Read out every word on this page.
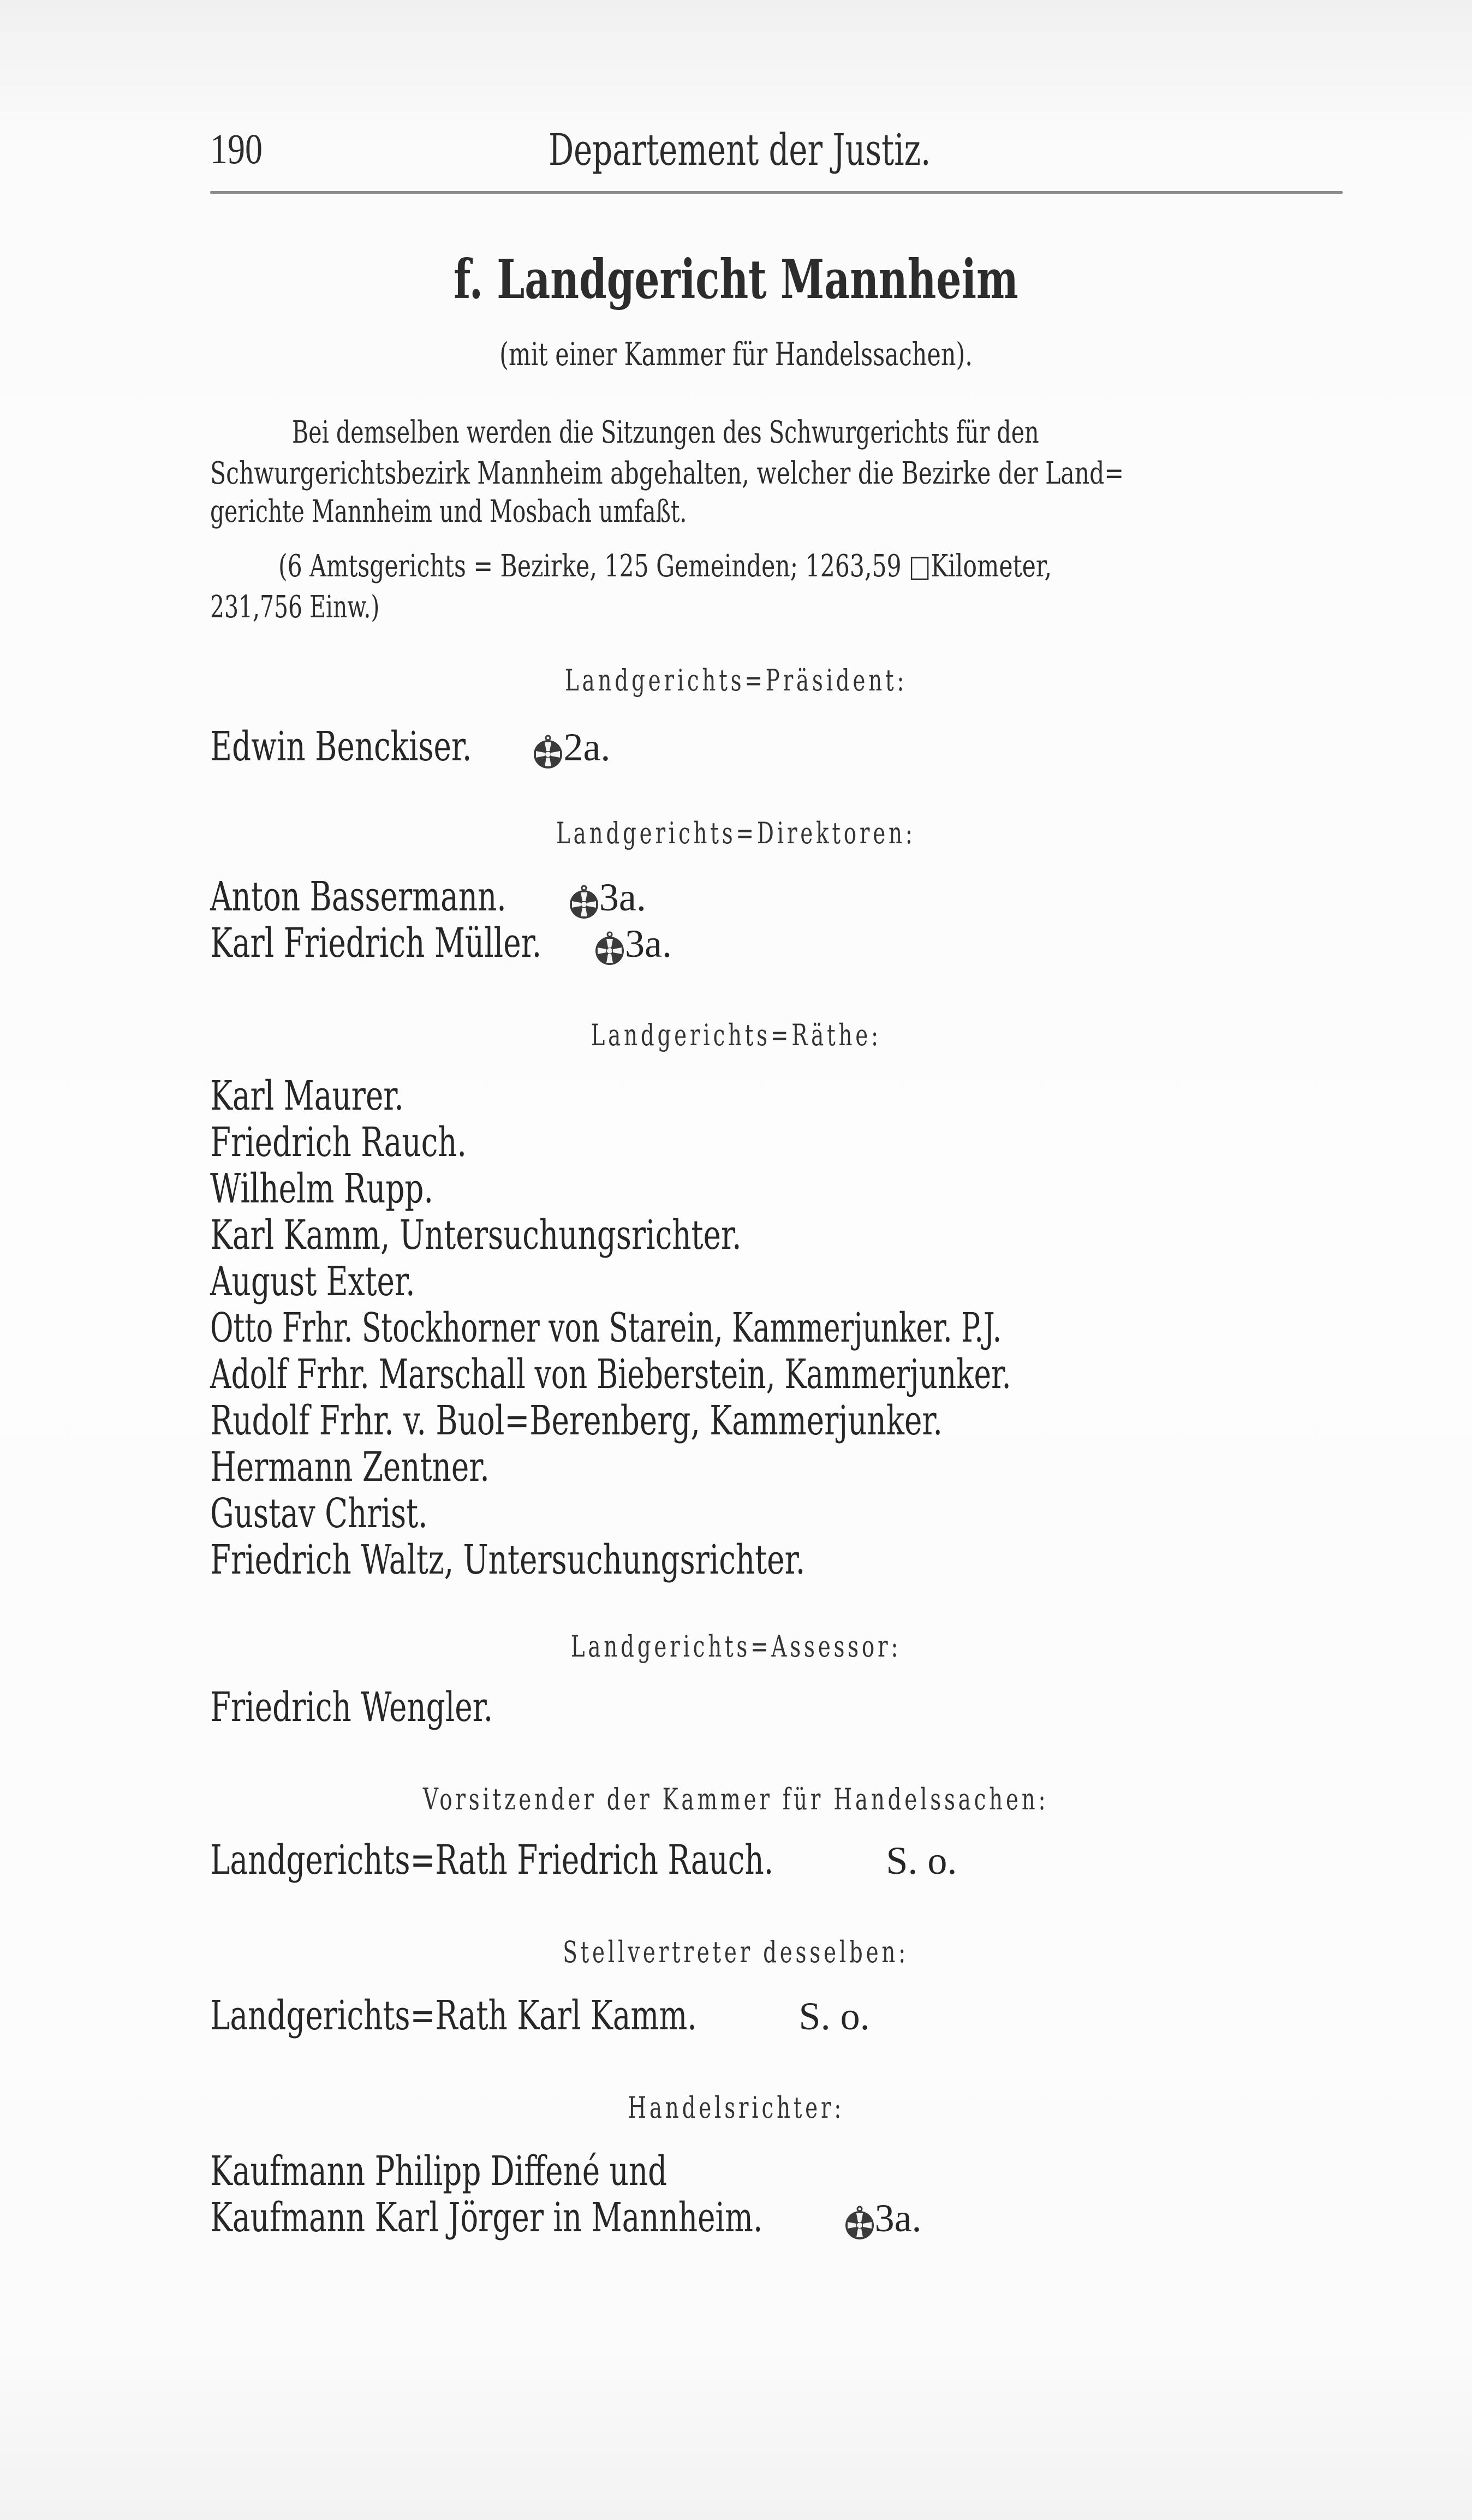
190	Departement der Justiz.
f. Landgericht Mannheim
(mit einer Kammer für Handelssachen).
Bei demselben werden die Sitzungen des Schwurgerichts für den
Schwurgerichtsbezirk Mannheim abgehalten, welcher die Bezirke der Land=
gerichte Mannheim und Mosbach umfaßt.
(6 Amtsgerichts = Bezirke, 125 Gemeinden; 1263,59 □Kilometer,
231,756 Einw.)
Landgerichts=Präsident:
Edwin Benckiser. 2a.
Landgerichts=Direktoren:
Anton Bassermann. 3a.
Karl Friedrich Müller. 3a.
Landgerichts=Räthe:
Karl Maurer.
Friedrich Rauch.
Wilhelm Rupp.
Karl Kamm, Untersuchungsrichter.
August Exter.
Otto Frhr. Stockhorner von Starein, Kammerjunker. P.J.
Adolf Frhr. Marschall von Bieberstein, Kammerjunker.
Rudolf Frhr. v. Buol=Berenberg, Kammerjunker.
Hermann Zentner.
Gustav Christ.
Friedrich Waltz, Untersuchungsrichter.
Landgerichts=Assessor:
Friedrich Wengler.
Vorsitzender der Kammer für Handelssachen:
Landgerichts=Rath Friedrich Rauch.	S. o.
Stellvertreter desselben:
Landgerichts=Rath Karl Kamm.	S. o.
Handelsrichter:
Kaufmann Philipp Diffené und
Kaufmann Karl Jörger in Mannheim.	3a.
